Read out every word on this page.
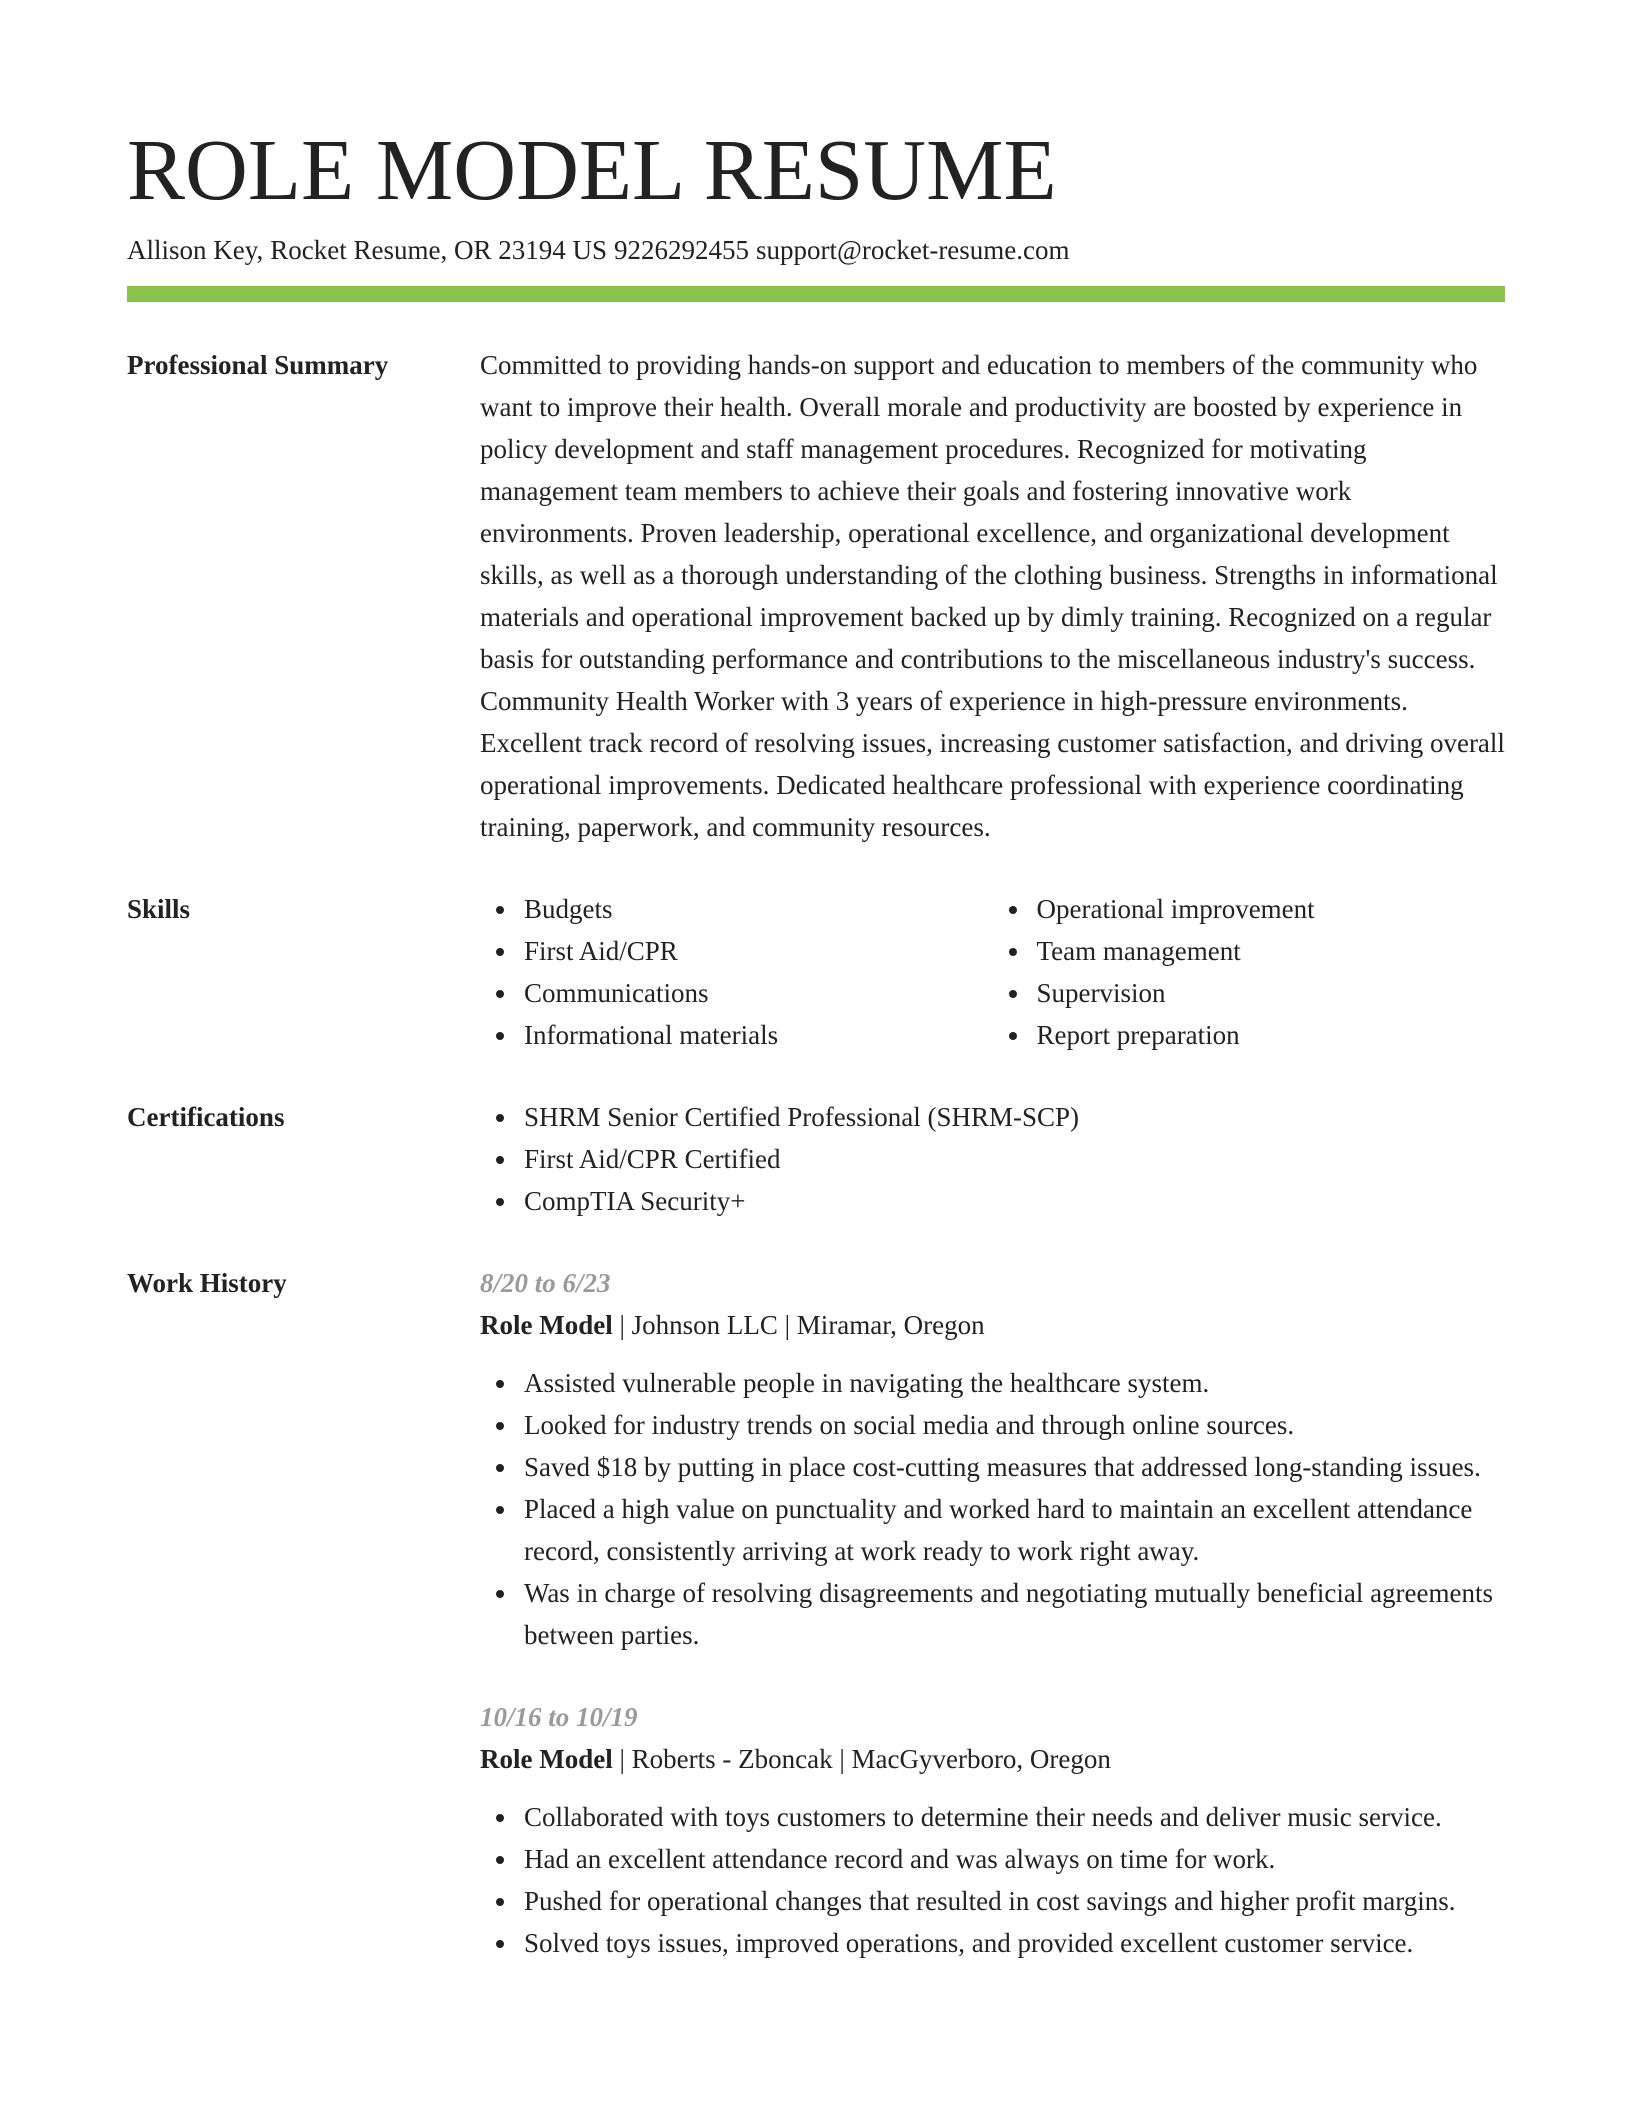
ROLE MODEL RESUME
Allison Key, Rocket Resume, OR 23194 US 9226292455 support@rocket-resume.com
Professional Summary	Committed to providing hands-on support and education to members of the community who want to improve their health. Overall morale and productivity are boosted by experience in policy development and staff management procedures. Recognized for motivating management team members to achieve their goals and fostering innovative work environments. Proven leadership, operational excellence, and organizational development skills, as well as a thorough understanding of the clothing business. Strengths in informational materials and operational improvement backed up by dimly training. Recognized on a regular basis for outstanding performance and contributions to the miscellaneous industry's success. Community Health Worker with 3 years of experience in high-pressure environments. Excellent track record of resolving issues, increasing customer satisfaction, and driving overall operational improvements. Dedicated healthcare professional with experience coordinating training, paperwork, and community resources.

Skills	Budgets
First Aid/CPR
Communications
Informational materials
Operational improvement
Team management
Supervision
Report preparation
Certifications	SHRM Senior Certified Professional (SHRM-SCP)
First Aid/CPR Certified
CompTIA Security+
Work History	8/20 to 6/23
Role Model | Johnson LLC | Miramar, Oregon
Assisted vulnerable people in navigating the healthcare system.
Looked for industry trends on social media and through online sources.
Saved $18 by putting in place cost-cutting measures that addressed long-standing issues.
Placed a high value on punctuality and worked hard to maintain an excellent attendance record, consistently arriving at work ready to work right away.
Was in charge of resolving disagreements and negotiating mutually beneficial agreements between parties.
10/16 to 10/19
Role Model | Roberts - Zboncak | MacGyverboro, Oregon
Collaborated with toys customers to determine their needs and deliver music service.
Had an excellent attendance record and was always on time for work.
Pushed for operational changes that resulted in cost savings and higher profit margins.
Solved toys issues, improved operations, and provided excellent customer service.
